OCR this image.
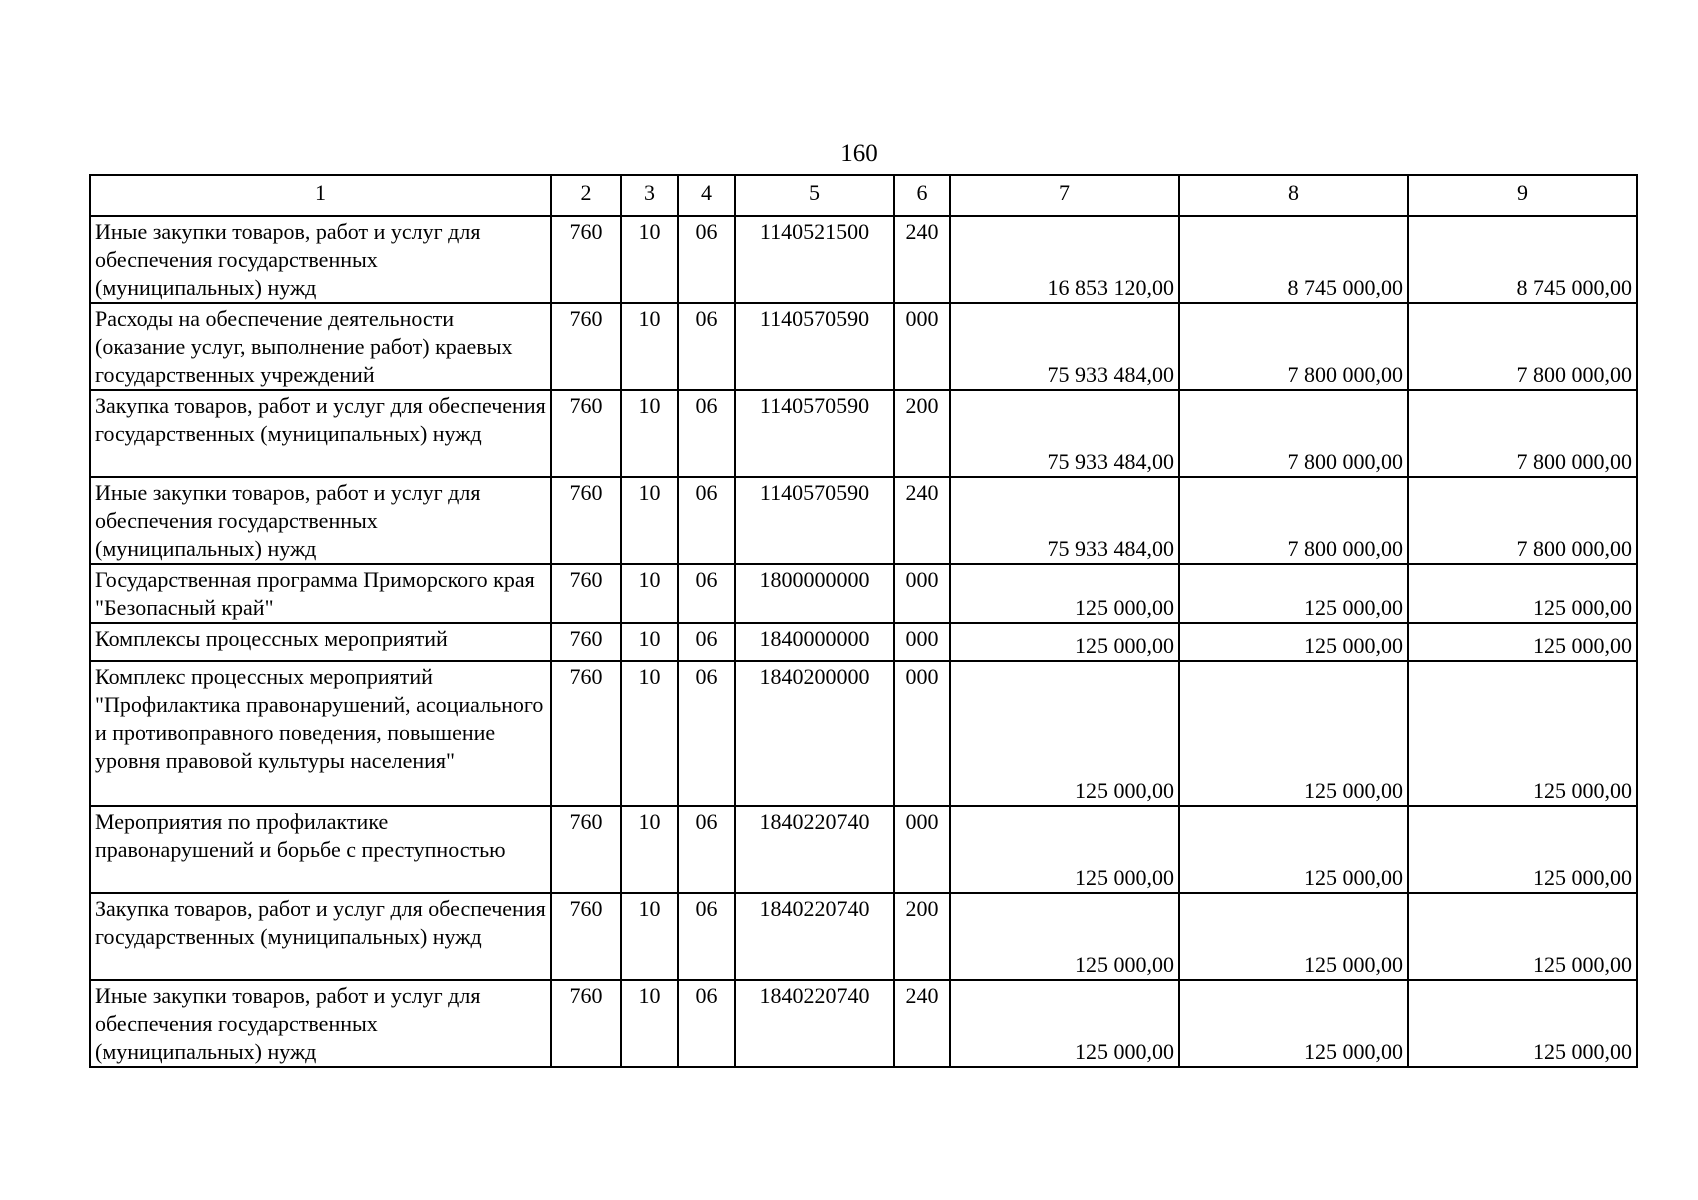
160
1	2	3	4	5	6	7	8	9
Иные закупки товаров, работ и услуг для обеспечения государственных (муниципальных) нужд	760	10	06	1140521500	240	16 853 120,00	8 745 000,00	8 745 000,00
Расходы на обеспечение деятельности (оказание услуг, выполнение работ) краевых государственных учреждений	760	10	06	1140570590	000	75 933 484,00	7 800 000,00	7 800 000,00
Закупка товаров, работ и услуг для обеспечения государственных (муниципальных) нужд	760	10	06	1140570590	200	75 933 484,00	7 800 000,00	7 800 000,00
Иные закупки товаров, работ и услуг для обеспечения государственных (муниципальных) нужд	760	10	06	1140570590	240	75 933 484,00	7 800 000,00	7 800 000,00
Государственная программа Приморского края "Безопасный край"	760	10	06	1800000000	000	125 000,00	125 000,00	125 000,00
Комплексы процессных мероприятий	760	10	06	1840000000	000	125 000,00	125 000,00	125 000,00
Комплекс процессных мероприятий "Профилактика правонарушений, асоциального и противоправного поведения, повышение уровня правовой культуры населения"	760	10	06	1840200000	000	125 000,00	125 000,00	125 000,00
Мероприятия по профилактике правонарушений и борьбе с преступностью	760	10	06	1840220740	000	125 000,00	125 000,00	125 000,00
Закупка товаров, работ и услуг для обеспечения государственных (муниципальных) нужд	760	10	06	1840220740	200	125 000,00	125 000,00	125 000,00
Иные закупки товаров, работ и услуг для обеспечения государственных (муниципальных) нужд	760	10	06	1840220740	240	125 000,00	125 000,00	125 000,00
